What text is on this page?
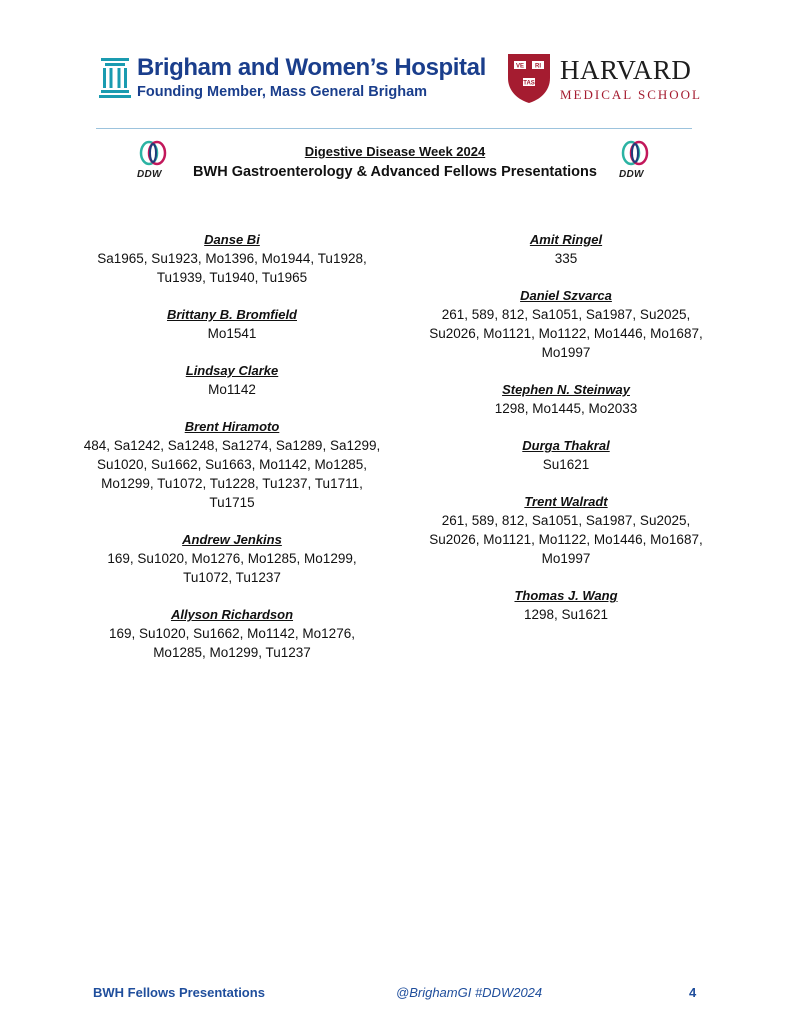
Brigham and Women’s Hospital
Founding Member, Mass General Brigham
VE RI
TAS HARVARD
MEDICAL SCHOOL
DDW	DDW
Digestive Disease Week 2024
BWH Gastroenterology & Advanced Fellows Presentations
Danse Bi
Sa1965, Su1923, Mo1396, Mo1944, Tu1928, Tu1939, Tu1940, Tu1965
Brittany B. Bromfield
Mo1541
Lindsay Clarke
Mo1142
Brent Hiramoto
484, Sa1242, Sa1248, Sa1274, Sa1289, Sa1299, Su1020, Su1662, Su1663, Mo1142, Mo1285, Mo1299, Tu1072, Tu1228, Tu1237, Tu1711, Tu1715
Andrew Jenkins
169, Su1020, Mo1276, Mo1285, Mo1299, Tu1072, Tu1237
Allyson Richardson
169, Su1020, Su1662, Mo1142, Mo1276, Mo1285, Mo1299, Tu1237
Amit Ringel
335
Daniel Szvarca
261, 589, 812, Sa1051, Sa1987, Su2025, Su2026, Mo1121, Mo1122, Mo1446, Mo1687, Mo1997
Stephen N. Steinway
1298, Mo1445, Mo2033
Durga Thakral
Su1621
Trent Walradt
261, 589, 812, Sa1051, Sa1987, Su2025, Su2026, Mo1121, Mo1122, Mo1446, Mo1687, Mo1997
Thomas J. Wang
1298, Su1621
BWH Fellows Presentations	@BrighamGI #DDW2024	4
